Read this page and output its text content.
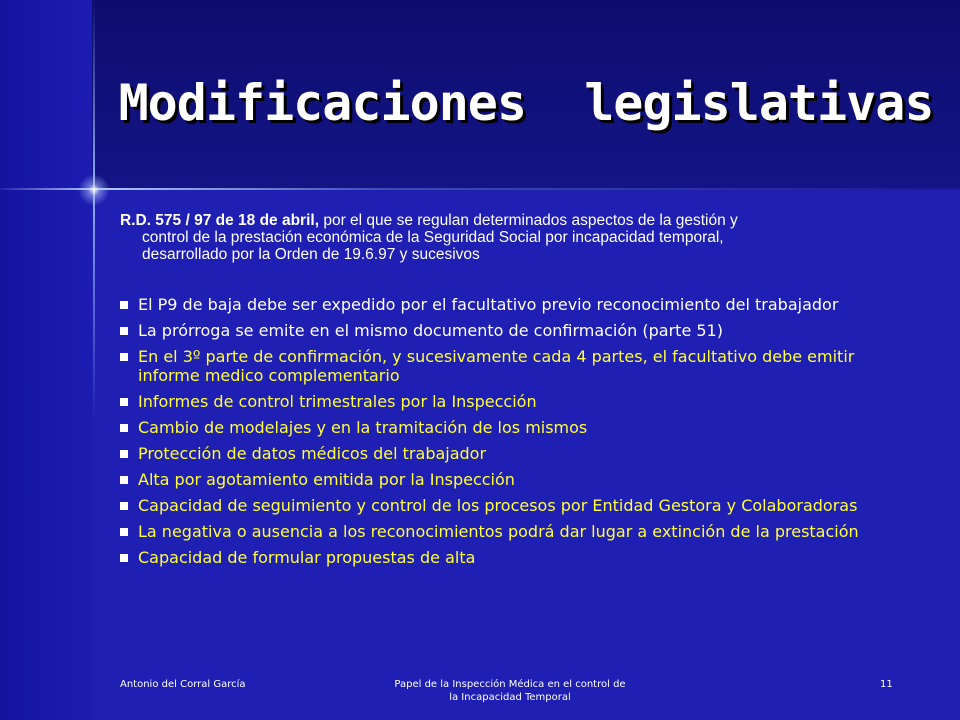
Modificaciones  legislativas
R.D. 575 / 97 de 18 de abril, por el que se regulan determinados aspectos de la gestión y
control de la prestación económica de la Seguridad Social por incapacidad temporal,
desarrollado por la Orden de 19.6.97 y sucesivos
El P9 de baja debe ser expedido por el facultativo previo reconocimiento del trabajador
La prórroga se emite en el mismo documento de confirmación (parte 51)
En el 3º parte de confirmación, y sucesivamente cada 4 partes, el facultativo debe emitir informe medico complementario
Informes de control trimestrales por la Inspección
Cambio de modelajes y en la tramitación de los mismos
Protección de datos médicos del trabajador
Alta por agotamiento emitida por la Inspección
Capacidad de seguimiento y control de los procesos por Entidad Gestora y Colaboradoras
La negativa o ausencia a los reconocimientos podrá dar lugar a extinción de la prestación
Capacidad de formular propuestas de alta
Antonio del Corral García	Papel de la Inspección Médica en el control de
la Incapacidad Temporal
11
